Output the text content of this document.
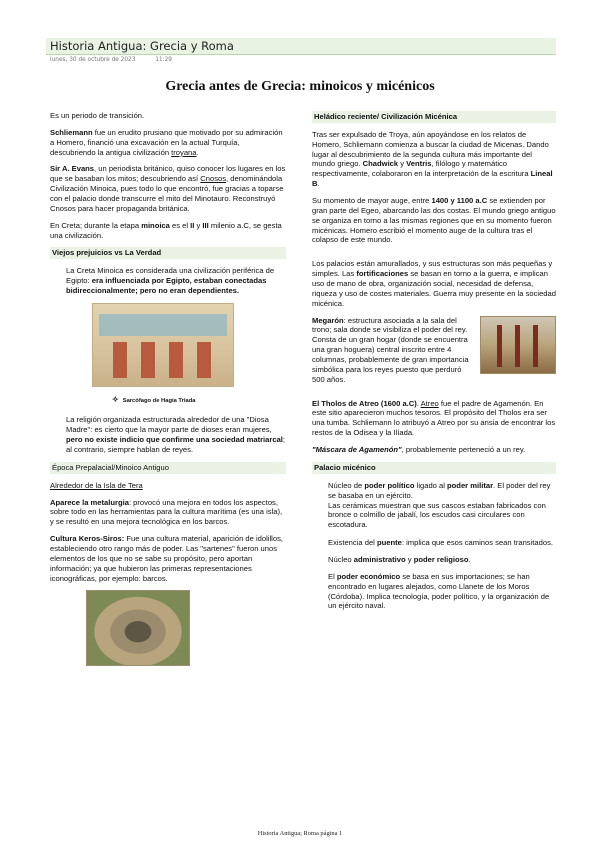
Historia Antigua: Grecia y Roma
lunes, 30 de octubre de 2023	11:29
Grecia antes de Grecia: minoicos y micénicos

Es un periodo de transición.

Schliemann fue un erudito prusiano que motivado por su admiración a Homero, financió una excavación en la actual Turquía, descubriendo la antigua civilización troyana.

Sir A. Evans, un periodista británico, quiso conocer los lugares en los que se basaban los mitos; descubriendo así Cnosos, denominándola Civilización Minoica, pues todo lo que encontró, fue gracias a toparse con el palacio donde transcurre el mito del Minotauro. Reconstruyó Cnosos para hacer propaganda británica.

En Creta; durante la etapa minoica es el II y III milenio a.C, se gesta una civilización.

Viejos prejuicios vs La Verdad

La Creta Minoica es considerada una civilización periférica de Egipto: era influenciada por Egipto, estaban conectadas bidireccionalmente; pero no eran dependientes.

✧ Sarcófago de Hagia Triada

La religión organizada estructurada alrededor de una "Diosa Madre": es cierto que la mayor parte de dioses eran mujeres, pero no existe indicio que confirme una sociedad matriarcal; al contrario, siempre hablan de reyes.

Época Prepalacial/Minoico Antiguo

Alrededor de la Isla de Tera

Aparece la metalurgia: provocó una mejora en todos los aspectos, sobre todo en las herramientas para la cultura marítima (es una isla), y se resultó en una mejora tecnológica en los barcos.

Cultura Keros-Siros: Fue una cultura material, aparición de idolillos, estableciendo otro rango más de poder. Las "sartenes" fueron unos elementos de los que no se sabe su propósito, pero aportan información; ya que hubieron las primeras representaciones iconográficas, por ejemplo: barcos.

Heládico reciente/ Civilización Micénica

Tras ser expulsado de Troya, aún apoyándose en los relatos de Homero, Schliemann comienza a buscar la ciudad de Micenas. Dando lugar al descubrimiento de la segunda cultura más importante del mundo griego. Chadwick y Ventris, filólogo y matemático respectivamente, colaboraron en la interpretación de la escritura Lineal B.

Su momento de mayor auge, entre 1400 y 1100 a.C se extienden por gran parte del Egeo, abarcando las dos costas. El mundo griego antiguo se organiza en torno a las mismas regiones que en su momento fueron micénicas. Homero escribió el momento auge de la cultura tras el colapso de este mundo.

Los palacios están amurallados, y sus estructuras son más pequeñas y simples. Las fortificaciones se basan en torno a la guerra, e implican uso de mano de obra, organización social, necesidad de defensa, riqueza y uso de costes materiales. Guerra muy presente en la sociedad micénica.

Megarón: estructura asociada a la sala del trono; sala donde se visibiliza el poder del rey. Consta de un gran hogar (donde se encuentra una gran hoguera) central inscrito entre 4 columnas, probablemente de gran importancia simbólica para los reyes puesto que perduró 500 años.

El Tholos de Atreo (1600 a.C). Atreo fue el padre de Agamenón. En este sitio aparecieron muchos tesoros. El propósito del Tholos era ser una tumba. Schliemann lo atribuyó a Atreo por su ansia de encontrar los restos de la Odisea y la Ilíada.

"Máscara de Agamenón", probablemente perteneció a un rey.

Palacio micénico

Núcleo de poder político ligado al poder militar. El poder del rey se basaba en un ejército.
Las cerámicas muestran que sus cascos estaban fabricados con bronce o colmillo de jabalí, los escudos casi circulares con escotadura.

Existencia del puente: implica que esos caminos sean transitados.

Núcleo administrativo y poder religioso.

El poder económico se basa en sus importaciones; se han encontrado en lugares alejados, como Llanete de los Moros (Córdoba). Implica tecnología, poder político, y la organización de un ejército naval.

Historia Antigua; Roma página 1
